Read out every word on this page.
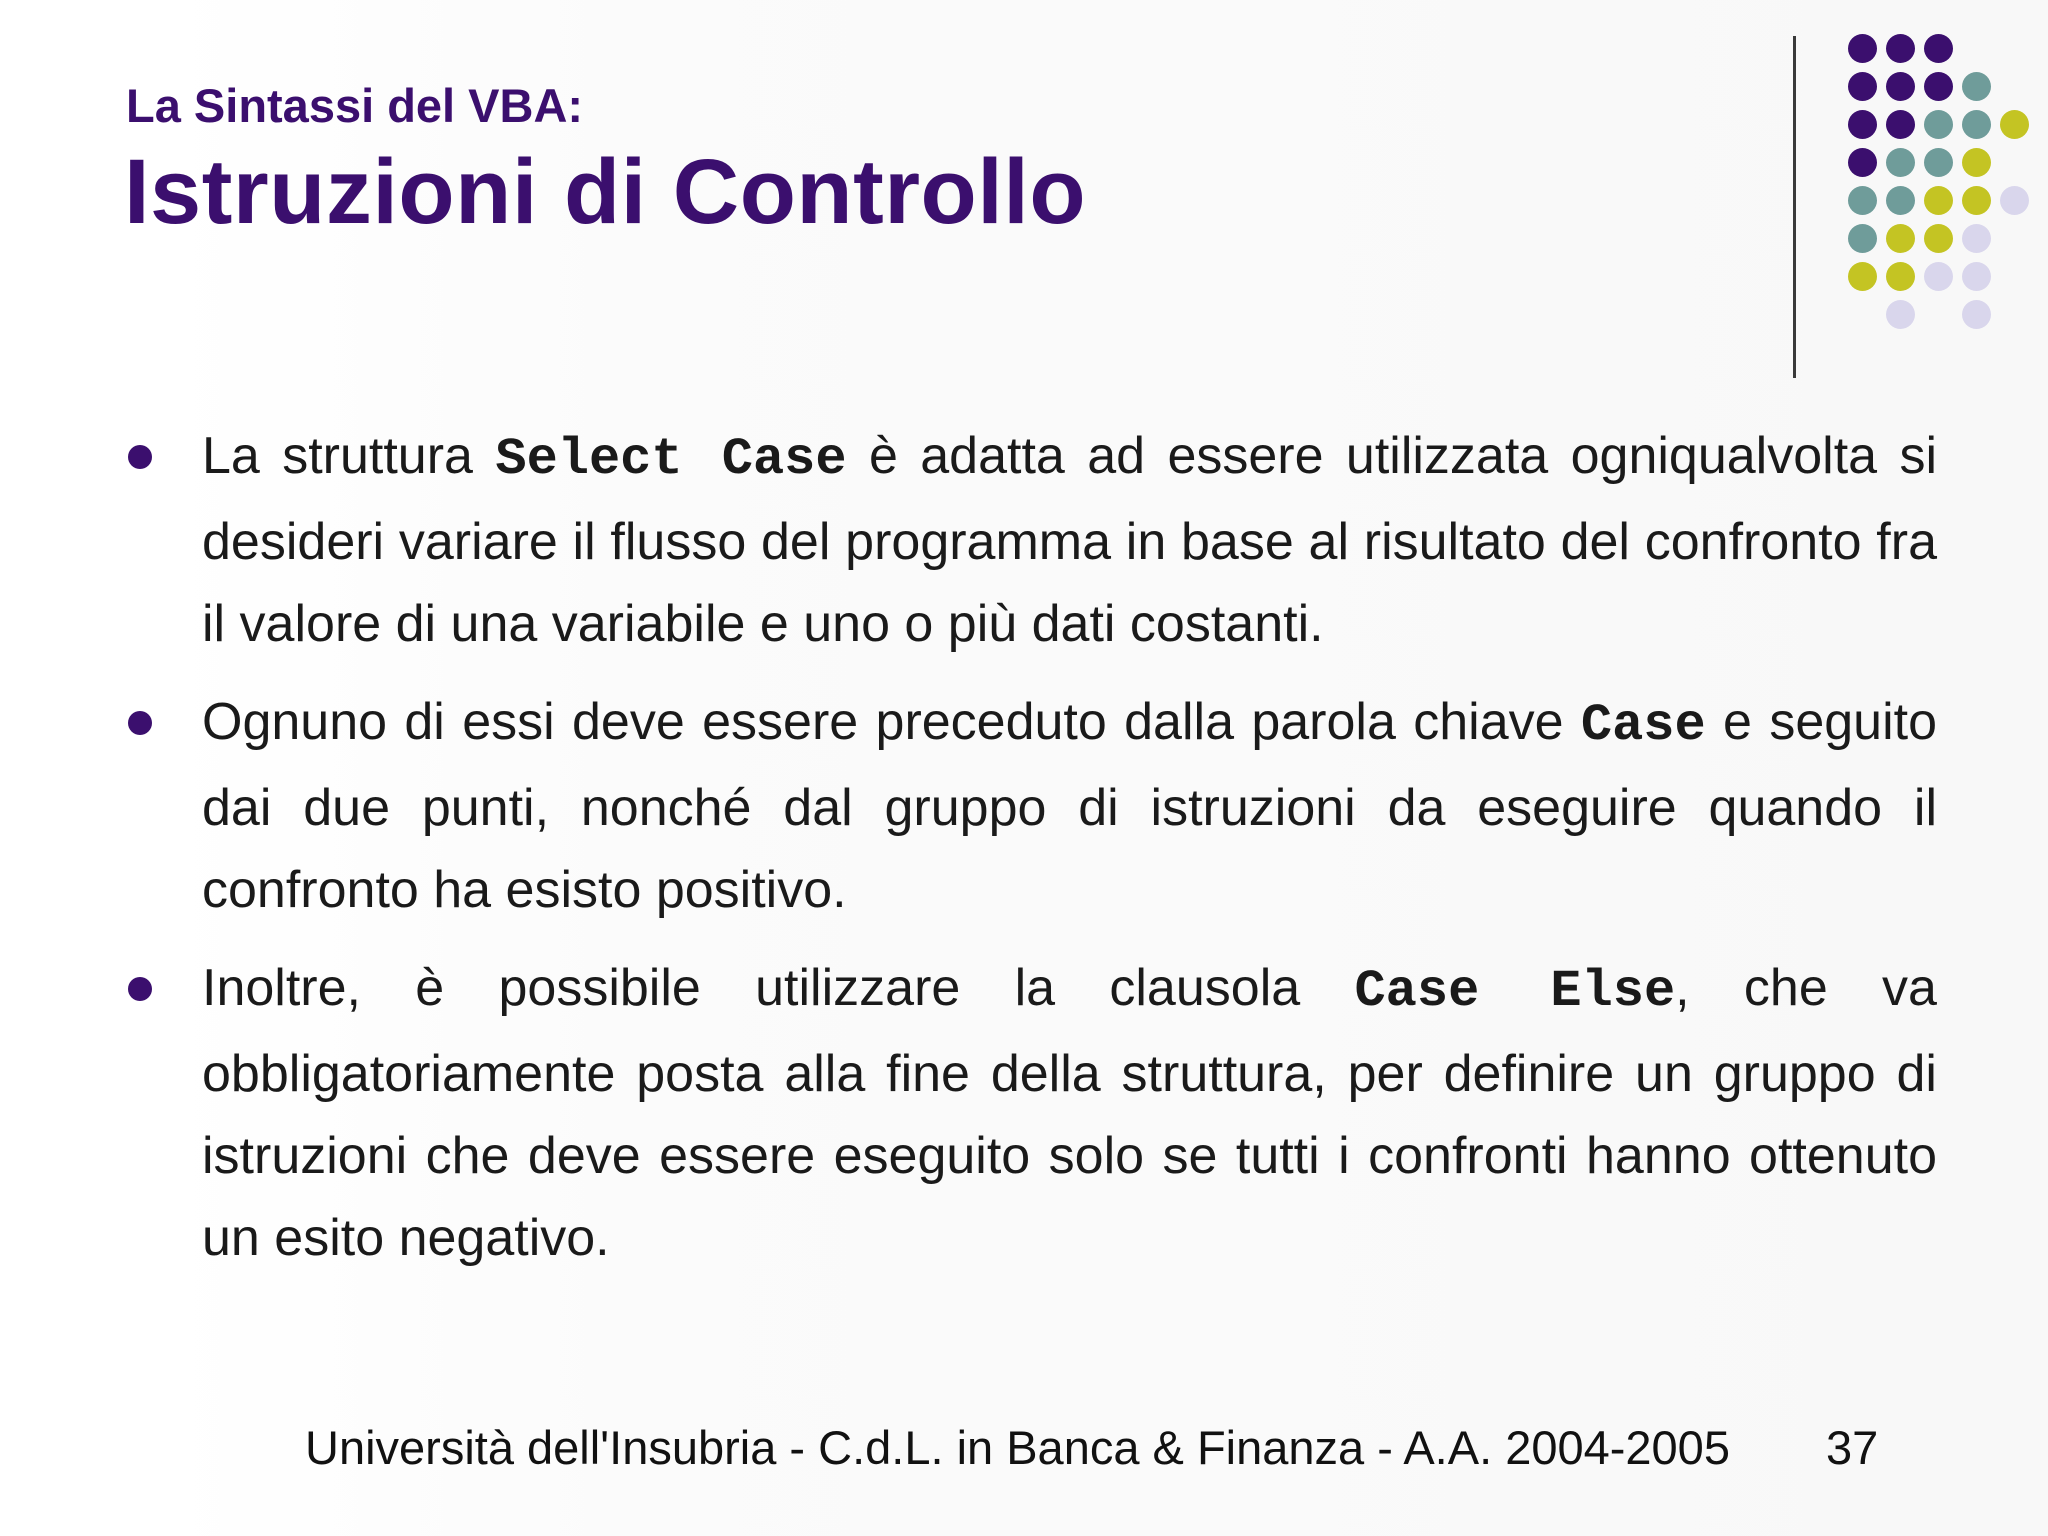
La Sintassi del VBA:
Istruzioni di Controllo
La struttura Select Case è adatta ad essere utilizzata ogniqualvolta si desideri variare il flusso del programma in base al risultato del confronto fra il valore di una variabile e uno o più dati costanti.
Ognuno di essi deve essere preceduto dalla parola chiave Case e seguito dai due punti, nonché dal gruppo di istruzioni da eseguire quando il confronto ha esisto positivo.
Inoltre, è possibile utilizzare la clausola Case Else, che va obbligatoriamente posta alla fine della struttura, per definire un gruppo di istruzioni che deve essere eseguito solo se tutti i confronti hanno ottenuto un esito negativo.
Università dell'Insubria - C.d.L. in Banca & Finanza - A.A. 2004-2005 37
